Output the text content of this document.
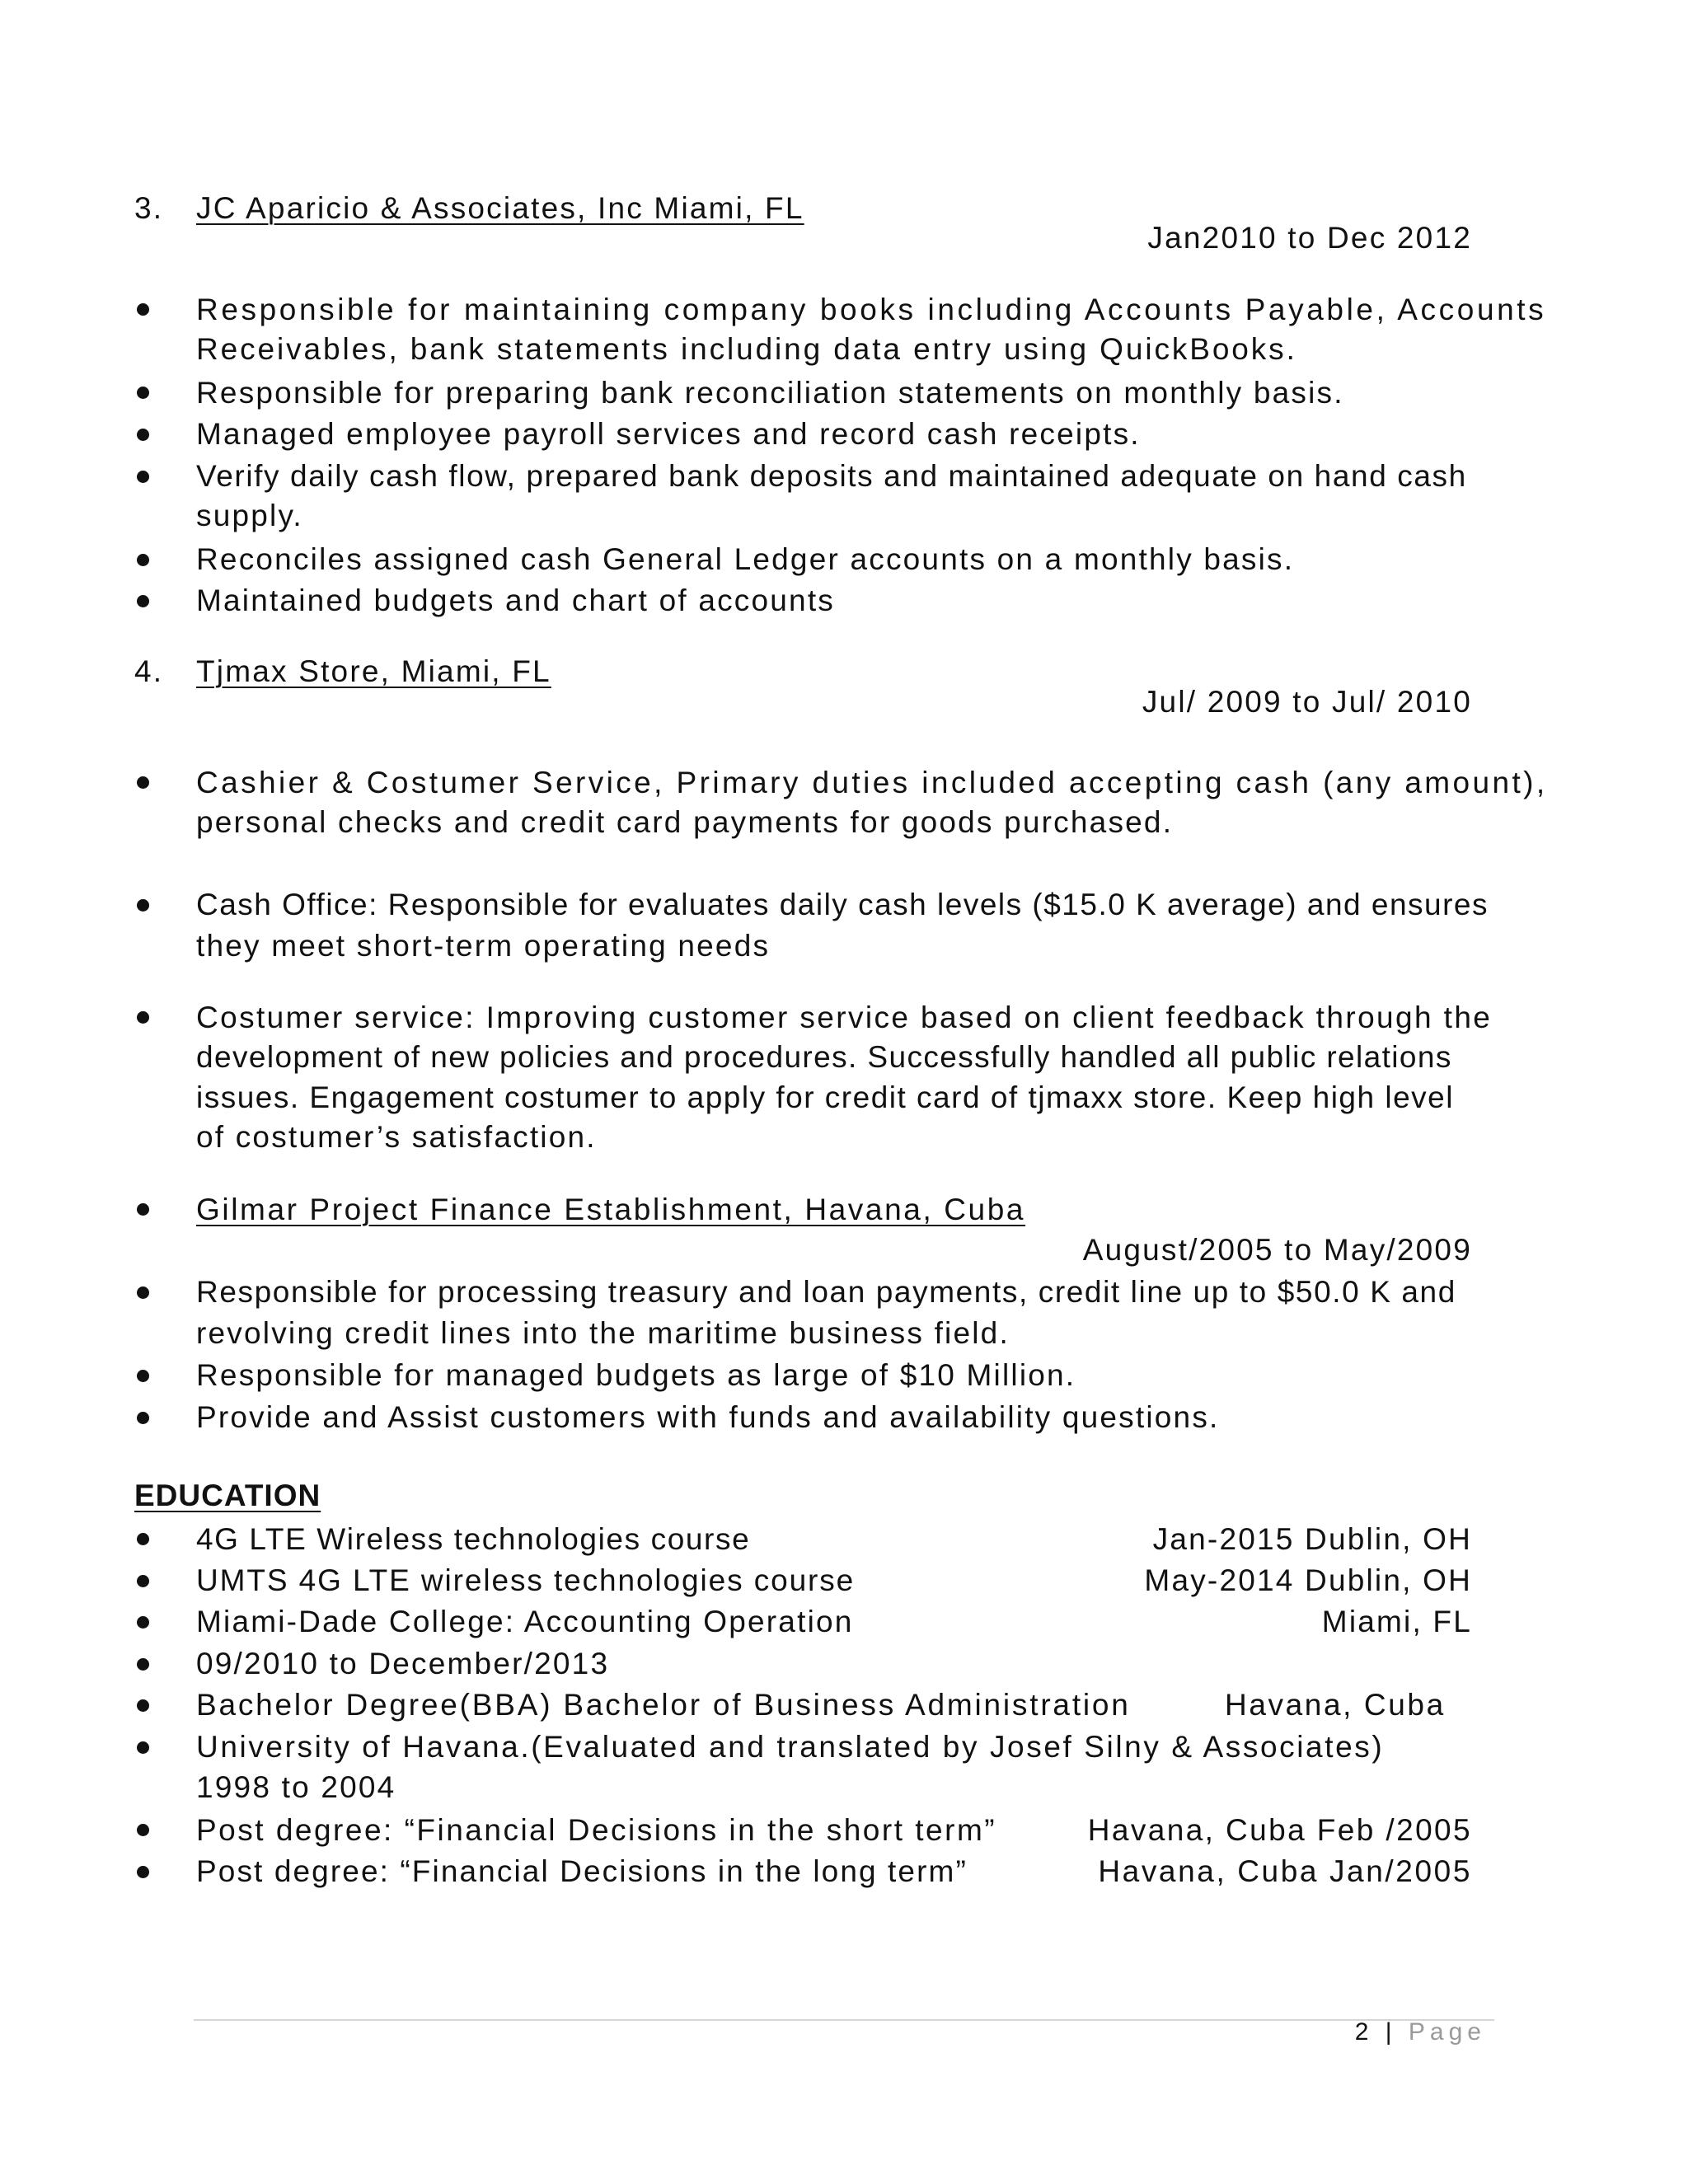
3. JC Aparicio & Associates, Inc Miami, FL
Jan2010 to Dec 2012
Responsible for maintaining company books including Accounts Payable, Accounts
Receivables, bank statements including data entry using QuickBooks.
Responsible for preparing bank reconciliation statements on monthly basis.
Managed employee payroll services and record cash receipts.
Verify daily cash flow, prepared bank deposits and maintained adequate on hand cash
supply.
Reconciles assigned cash General Ledger accounts on a monthly basis.
Maintained budgets and chart of accounts
4. Tjmax Store, Miami, FL
Jul/ 2009 to Jul/ 2010
Cashier & Costumer Service, Primary duties included accepting cash (any amount),
personal checks and credit card payments for goods purchased.
Cash Office: Responsible for evaluates daily cash levels ($15.0 K average) and ensures
they meet short-term operating needs
Costumer service: Improving customer service based on client feedback through the
development of new policies and procedures. Successfully handled all public relations
issues. Engagement costumer to apply for credit card of tjmaxx store. Keep high level
of costumer’s satisfaction.
Gilmar Project Finance Establishment, Havana, Cuba
August/2005 to May/2009
Responsible for processing treasury and loan payments, credit line up to $50.0 K and
revolving credit lines into the maritime business field.
Responsible for managed budgets as large of $10 Million.
Provide and Assist customers with funds and availability questions.
EDUCATION
4G LTE Wireless technologies course	Jan-2015 Dublin, OH
UMTS 4G LTE wireless technologies course	May-2014 Dublin, OH
Miami-Dade College: Accounting Operation	Miami, FL
09/2010 to December/2013
Bachelor Degree(BBA) Bachelor of Business Administration	Havana, Cuba
University of Havana.(Evaluated and translated by Josef Silny & Associates)
1998 to 2004
Post degree: “Financial Decisions in the short term”	Havana, Cuba Feb /2005
Post degree: “Financial Decisions in the long term”	Havana, Cuba Jan/2005
2 | Page
